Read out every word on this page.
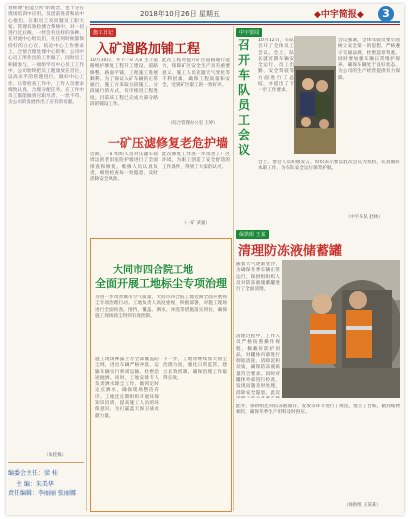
2018年10月26日 星期五	◆中宇简报◆	3
春师傅"把能立所"的理念，也十分在现场培训中应用。员团前进者和站中心他们，在职员工及问题员工职大家。管理有效检测合系统中，对一切进行过后统，一经会有这样的多种，在对流中心组员们，在任何时候都保持好的立心在，结论中心工作要求上，合情合理处理中心的事，公司中心员工所作出的工作做了。同时员工积极参与，一项组学员中心员工工作中，公司始终把员工健康放在首位，以高水平的管理进行，做好中心工作。日常检查工作中，工作人员要求细致认真，合理分配任务。在工作中员工都能做到尽职尽责，一丝不苟，为公司的发展作出了应有的贡献。
（朱桂梅）
编委会主任：梁 桂
主 编：朱美华
责任编辑：李丽丽 张丽娜
施工日记
入矿道路加铺工程
10月10日，井下一矿入矿主干道路维护修复工程开工建设，道路修整，路面平铺，工程施工进展顺利。为了保证入矿车辆的正常通行，施工方采取分段施工、分段通行的方式，有序推进工程进度。目前该工程已完成大部分路段的铺设工作。
此次工程对提升矿区道路通行能力，保障矿区安全生产具有重要意义。施工人员克服天气变化等不利因素，确保工程质量和安全，受到矿区职工的一致好评。
（综合管理办公室 王婷）
一矿压滤修复老危护墙
近期，一矿组织人员对压滤车间周边的老旧危险护墙进行了全面排查和修复。维修人员认真负责，细致检查每一处隐患，及时消除安全风险。
此次修复工作进一步改善了厂区环境，为职工创造了安全舒适的工作条件，得到了大家的认可。
（一矿 武福）
大同市四合院工地
全面开展工地标尘专项治理
为进一步改善城市空气质量，大同市四合院工地近期全面开展扬尘专项治理行动。工地负责人高度重视，积极部署，对施工现场进行全面检查。围挡、覆盖、洒水、冲洗等措施落实到位，确保施工现场扬尘得到有效控制。
施工现场裸露土方全部覆盖防尘网，进出车辆严格冲洗，运输车辆实行密闭运输，杜绝沿途抛洒。同时，工地安排专人负责洒水降尘工作，做到定时定点洒水，确保现场整洁有序。工地还定期组织开展环保知识培训，提高施工人员的环保意识，为打赢蓝天保卫战贡献力量。
下一步，工地将继续加大扬尘治理力度，强化日常监管，建立长效机制，确保治理工作取得实效。
中宇要闻
召开车队员工会议
10月12日，车队召开了全体员工会议。会上，队长就近期车辆安全运行、员工出勤、安全驾驶等方面进行了总结，并提出了下一步工作要求。
会议强调，全体驾驶员要牢固树立安全第一的思想，严格遵守交通法规，杜绝违章驾驶。同时要加强车辆日常维护保养，确保车辆处于良好状态，为公司的生产经营提供有力保障。
会上，参会人员积极发言，纷纷表示要以此次会议为契机，认真做好本职工作，为车队安全运行保驾护航。
（中宇车队 赵林）
保供组 王某
清理防冻液储蓄罐
随着天气逐渐变冷，为确保冬季车辆正常运行，保供组组织人员对防冻液储蓄罐进行了全面清理。
清理过程中，工作人员严格按照操作规程，佩戴好防护用品，对罐体内部进行彻底清洗，清除沉积杂质，确保防冻液质量符合要求。同时对罐体外部进行检查，发现问题及时处理，消除安全隐患。此次
此外，保供组还对防冻液储存、发放等环节进行了规范，建立了台账，做到账物相符，确保冬季生产用料及时供应。
（保供组 王某某）
